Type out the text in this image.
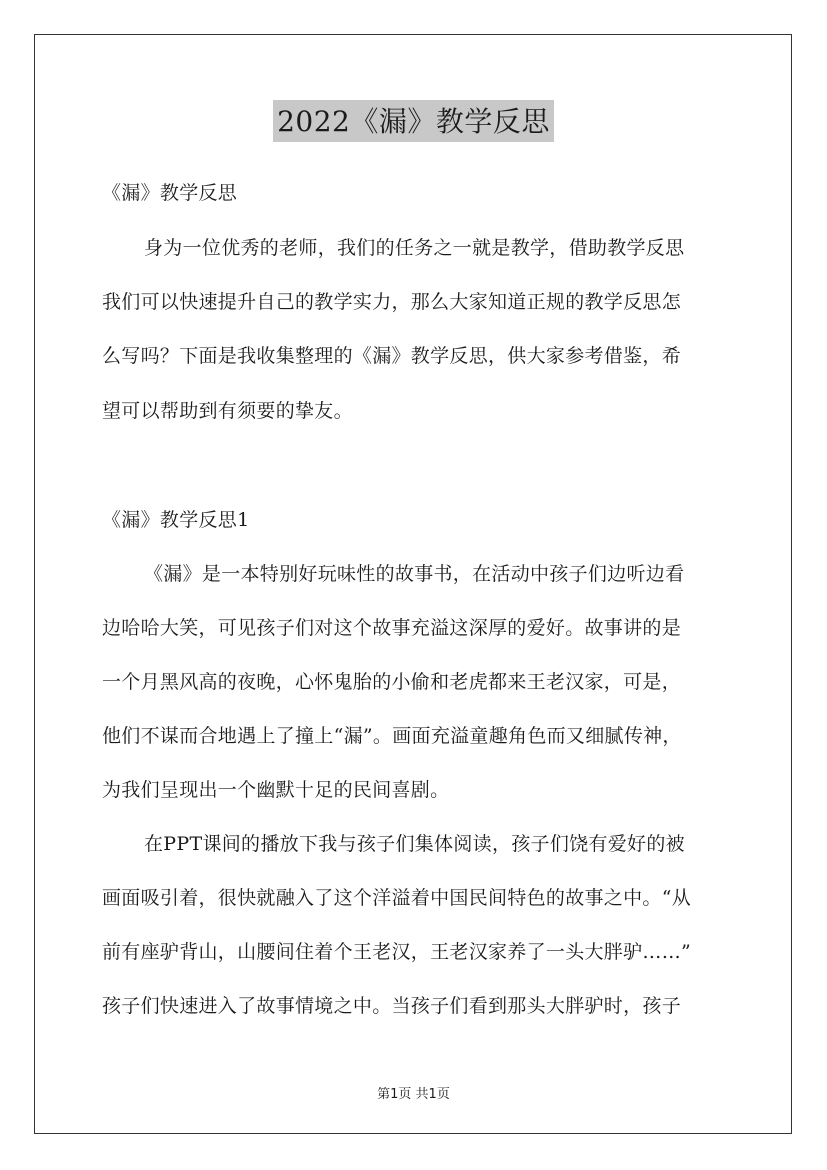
2022《漏》教学反思
《漏》教学反思
身为一位优秀的老师，我们的任务之一就是教学，借助教学反思
我们可以快速提升自己的教学实力，那么大家知道正规的教学反思怎
么写吗？下面是我收集整理的《漏》教学反思，供大家参考借鉴，希
望可以帮助到有须要的挚友。
《漏》教学反思1
《漏》是一本特别好玩味性的故事书，在活动中孩子们边听边看
边哈哈大笑，可见孩子们对这个故事充溢这深厚的爱好。故事讲的是
一个月黑风高的夜晚，心怀鬼胎的小偷和老虎都来王老汉家，可是，
他们不谋而合地遇上了撞上“漏”。画面充溢童趣角色而又细腻传神，
为我们呈现出一个幽默十足的民间喜剧。
在PPT课间的播放下我与孩子们集体阅读，孩子们饶有爱好的被
画面吸引着，很快就融入了这个洋溢着中国民间特色的故事之中。“从
前有座驴背山，山腰间住着个王老汉，王老汉家养了一头大胖驴……”
孩子们快速进入了故事情境之中。当孩子们看到那头大胖驴时，孩子
第1页 共1页
